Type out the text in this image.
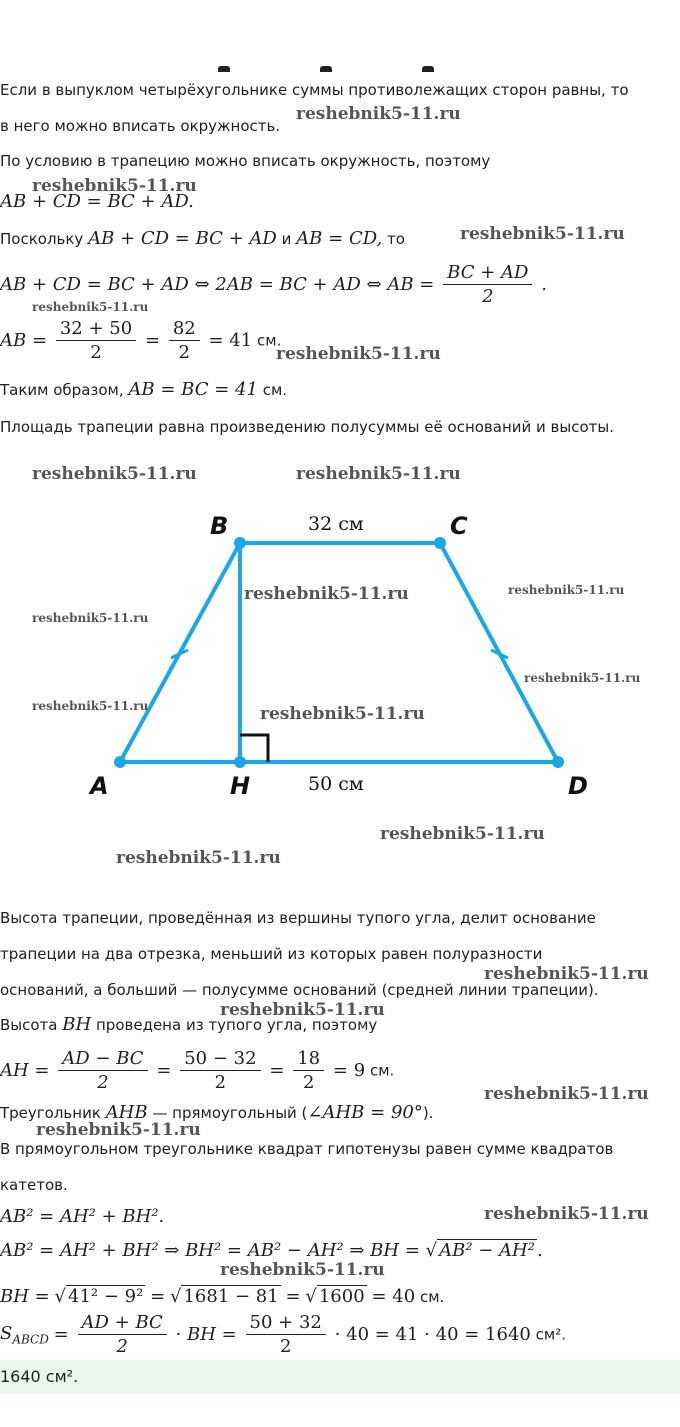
Если в выпуклом четырёхугольнике суммы противолежащих сторон равны, то
в него можно вписать окружность.
По условию в трапецию можно вписать окружность, поэтому
AB + CD = BC + AD.
Поскольку AB + CD = BC + AD и AB = CD, то
AB + CD = BC + AD ⇔ 2AB = BC + AD ⇔ AB = $\frac{BC + AD}{2}$ .
AB = $\frac{32 + 50}{2} = \frac{82}{2} = 41$ см.
Таким образом, AB = BC = 41 см.
Площадь трапеции равна произведению полусуммы её оснований и высоты.
B	C
A	H	D
32 см
50 см
Высота трапеции, проведённая из вершины тупого угла, делит основание
трапеции на два отрезка, меньший из которых равен полуразности
оснований, а больший — полусумме оснований (средней линии трапеции).
Высота BH проведена из тупого угла, поэтому
AH = $\frac{AD - BC}{2} = \frac{50 - 32}{2} = \frac{18}{2} = 9$ см.
Треугольник AHB — прямоугольный (∠AHB = 90°).
В прямоугольном треугольнике квадрат гипотенузы равен сумме квадратов
катетов.
AB² = AH² + BH².
AB² = AH² + BH² ⇒ BH² = AB² − AH² ⇒ BH = √ AB² − AH² .
BH = √ 41² − 9² = √ 1681 − 81 = √ 1600 = 40 см.
$S_{ABCD} = \frac{AD + BC}{2}$ · BH = $\frac{50 + 32}{2} \cdot 40 = 41 \cdot 40 = 1640$ см².
1640 см².
reshebnik5-11.ru
reshebnik5-11.ru
reshebnik5-11.ru
reshebnik5-11.ru
reshebnik5-11.ru
reshebnik5-11.ru	reshebnik5-11.ru
reshebnik5-11.ru	reshebnik5-11.ru
reshebnik5-11.ru
reshebnik5-11.ru
reshebnik5-11.ru	reshebnik5-11.ru
reshebnik5-11.ru
reshebnik5-11.ru
reshebnik5-11.ru
reshebnik5-11.ru
reshebnik5-11.ru
reshebnik5-11.ru
reshebnik5-11.ru
reshebnik5-11.ru
